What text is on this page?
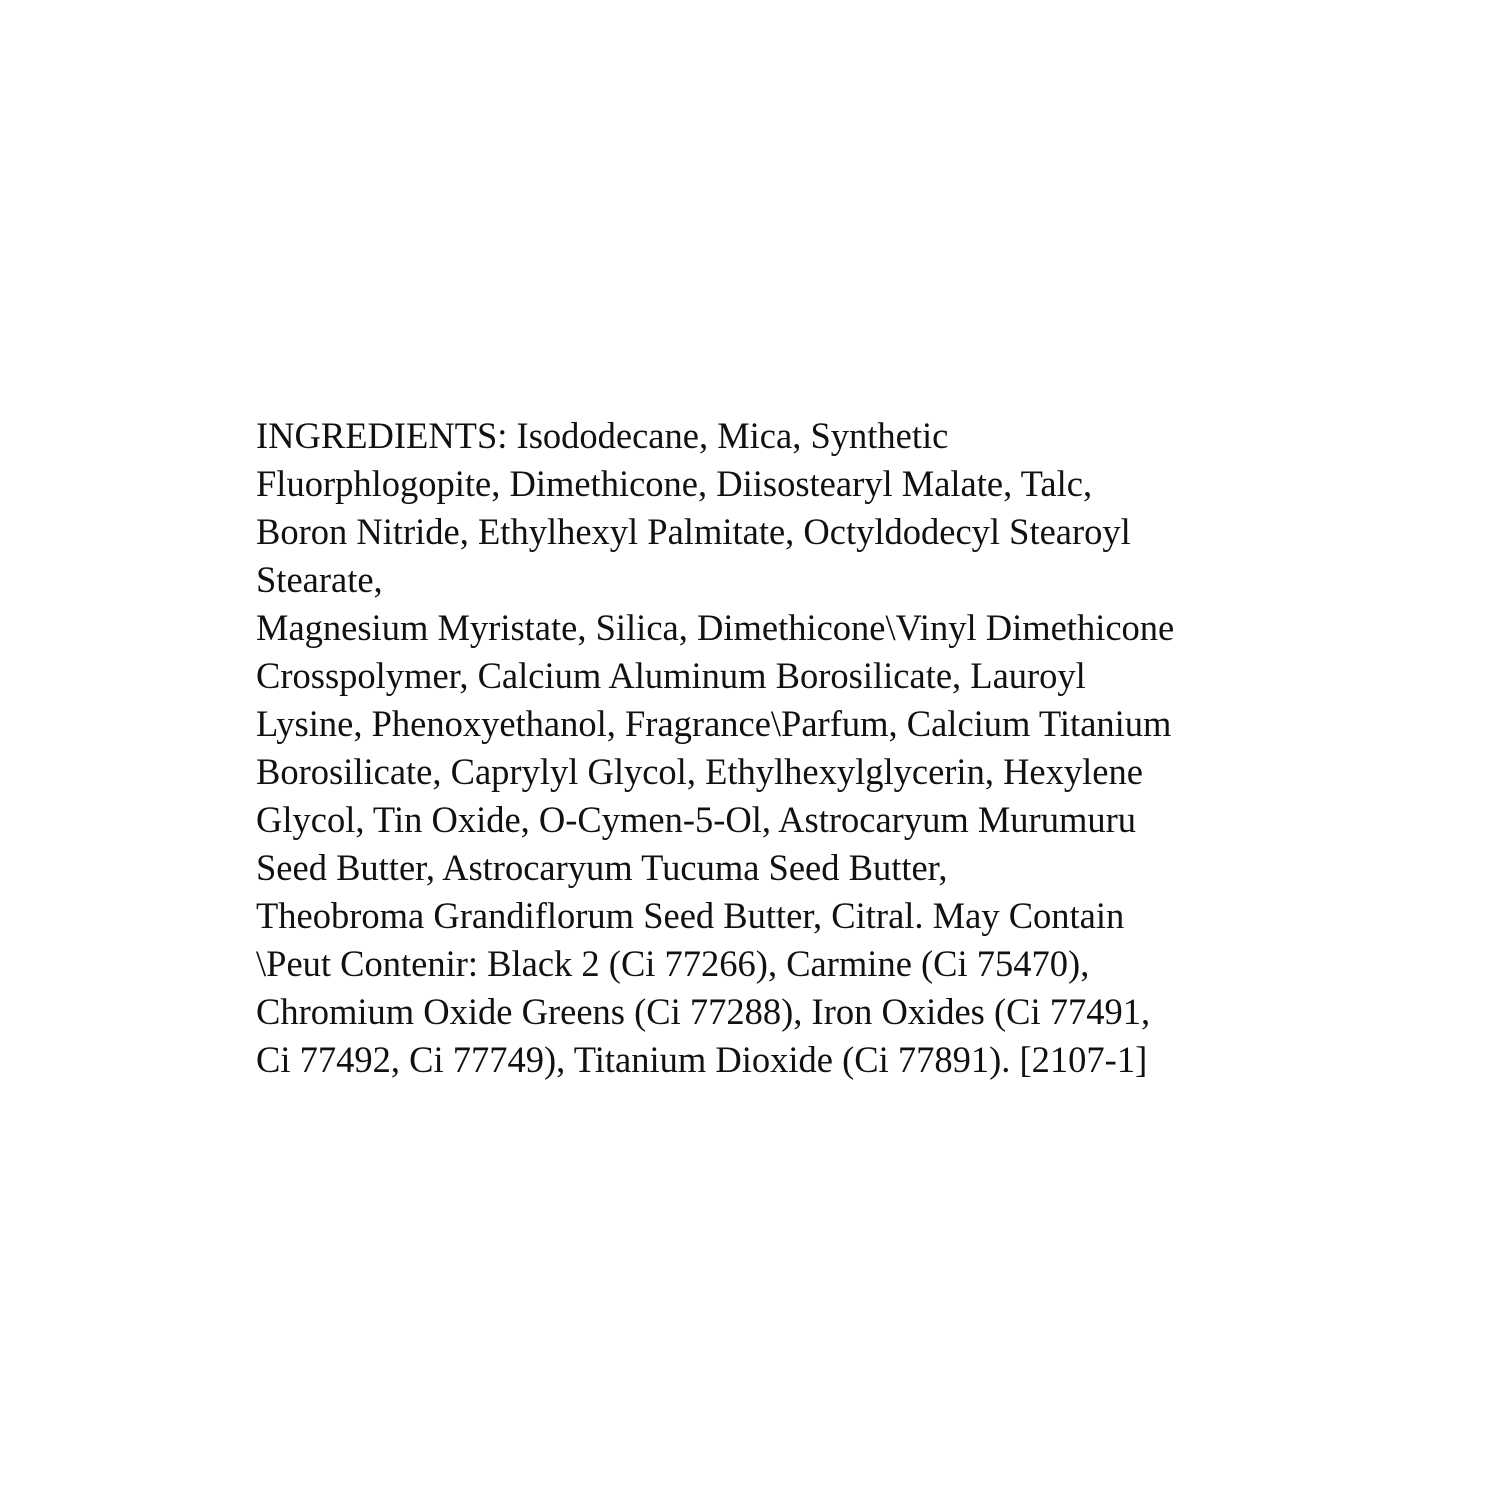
INGREDIENTS: Isododecane, Mica, Synthetic
Fluorphlogopite, Dimethicone, Diisostearyl Malate, Talc,
Boron Nitride, Ethylhexyl Palmitate, Octyldodecyl Stearoyl
Stearate,
Magnesium Myristate, Silica, Dimethicone\Vinyl Dimethicone
Crosspolymer, Calcium Aluminum Borosilicate, Lauroyl
Lysine, Phenoxyethanol, Fragrance\Parfum, Calcium Titanium
Borosilicate, Caprylyl Glycol, Ethylhexylglycerin, Hexylene
Glycol, Tin Oxide, O-Cymen-5-Ol, Astrocaryum Murumuru
Seed Butter, Astrocaryum Tucuma Seed Butter,
Theobroma Grandiflorum Seed Butter, Citral. May Contain
\Peut Contenir: Black 2 (Ci 77266), Carmine (Ci 75470),
Chromium Oxide Greens (Ci 77288), Iron Oxides (Ci 77491,
Ci 77492, Ci 77749), Titanium Dioxide (Ci 77891). [2107-1]
